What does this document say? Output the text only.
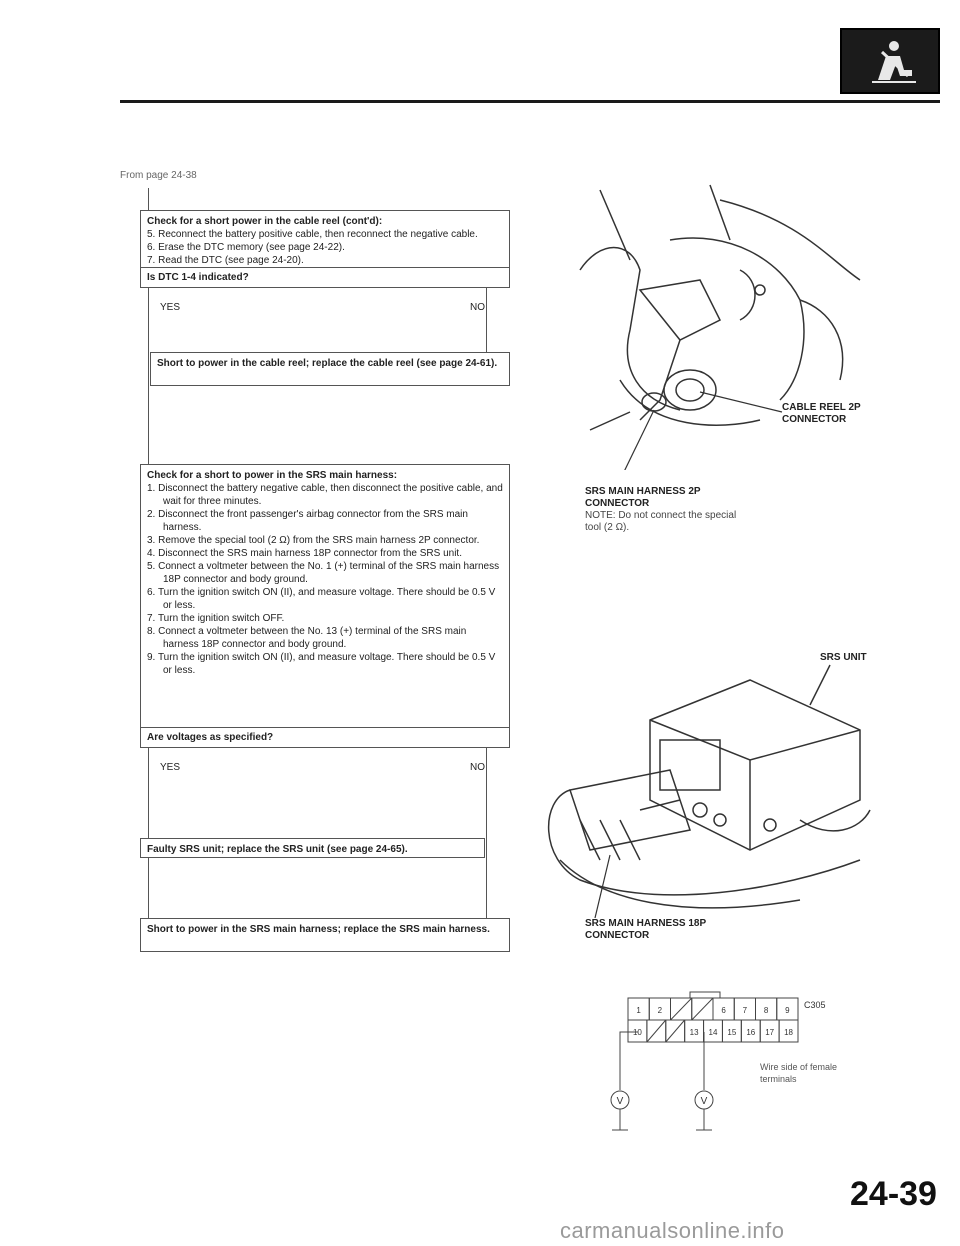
From page 24-38
Check for a short power in the cable reel (cont'd):

5. Reconnect the battery positive cable, then reconnect the negative cable.

6. Erase the DTC memory (see page 24-22).

7. Read the DTC (see page 24-20).

Is DTC 1-4 indicated?
YES	NO
Short to power in the cable reel; replace the cable reel (see page 24-61).
Check for a short to power in the SRS main harness:

1. Disconnect the battery negative cable, then disconnect the positive cable, and wait for three minutes.

2. Disconnect the front passenger's airbag connector from the SRS main harness.

3. Remove the special tool (2 Ω) from the SRS main harness 2P connector.

4. Disconnect the SRS main harness 18P connector from the SRS unit.

5. Connect a voltmeter between the No. 1 (+) terminal of the SRS main harness 18P connector and body ground.

6. Turn the ignition switch ON (II), and measure voltage. There should be 0.5 V or less.

7. Turn the ignition switch OFF.

8. Connect a voltmeter between the No. 13 (+) terminal of the SRS main harness 18P connector and body ground.

9. Turn the ignition switch ON (II), and measure voltage. There should be 0.5 V or less.

Are voltages as specified?
YES	NO
Faulty SRS unit; replace the SRS unit (see page 24-65).
Short to power in the SRS main harness; replace the SRS main harness.
CABLE REEL 2P CONNECTOR
SRS MAIN HARNESS 2P CONNECTOR
NOTE: Do not connect the special tool (2 Ω).
SRS UNIT
SRS MAIN HARNESS 18P CONNECTOR
1 2	6 7 8 9
10	13 14 15 16 17 18
V	V
C305
Wire side of female terminals
24-39
carmanualsonline.info
